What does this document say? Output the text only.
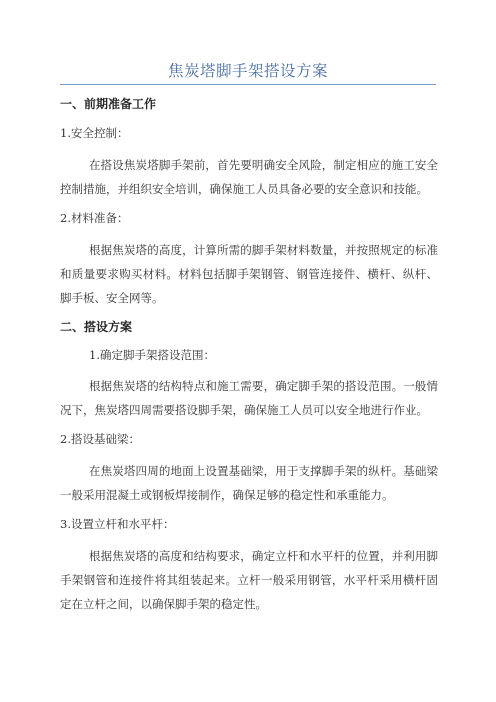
焦炭塔脚手架搭设方案
一、前期准备工作
1.安全控制：
在搭设焦炭塔脚手架前，首先要明确安全风险，制定相应的施工安全控制措施，并组织安全培训，确保施工人员具备必要的安全意识和技能。
2.材料准备：
根据焦炭塔的高度，计算所需的脚手架材料数量，并按照规定的标准和质量要求购买材料。材料包括脚手架钢管、钢管连接件、横杆、纵杆、脚手板、安全网等。
二、搭设方案
1.确定脚手架搭设范围：
根据焦炭塔的结构特点和施工需要，确定脚手架的搭设范围。一般情况下，焦炭塔四周需要搭设脚手架，确保施工人员可以安全地进行作业。
2.搭设基础梁：
在焦炭塔四周的地面上设置基础梁，用于支撑脚手架的纵杆。基础梁一般采用混凝土或钢板焊接制作，确保足够的稳定性和承重能力。
3.设置立杆和水平杆：
根据焦炭塔的高度和结构要求，确定立杆和水平杆的位置，并利用脚手架钢管和连接件将其组装起来。立杆一般采用钢管，水平杆采用横杆固定在立杆之间，以确保脚手架的稳定性。
